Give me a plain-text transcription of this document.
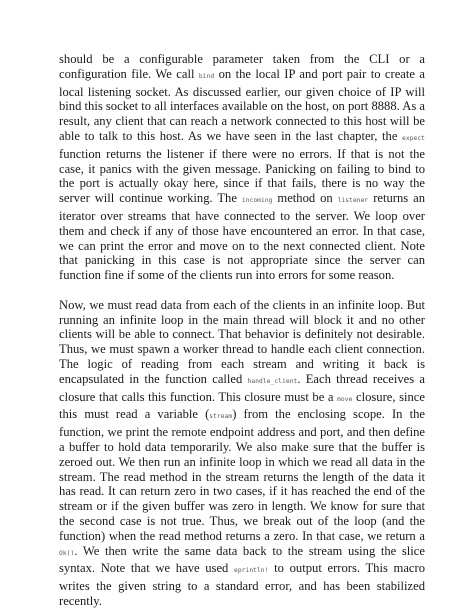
should be a configurable parameter taken from the CLI or a configuration file. We call bind on the local IP and port pair to create a local listening socket. As discussed earlier, our given choice of IP will bind this socket to all interfaces available on the host, on port 8888. As a result, any client that can reach a network connected to this host will be able to talk to this host. As we have seen in the last chapter, the expect function returns the listener if there were no errors. If that is not the case, it panics with the given message. Panicking on failing to bind to the port is actually okay here, since if that fails, there is no way the server will continue working. The incoming method on listener returns an iterator over streams that have connected to the server. We loop over them and check if any of those have encountered an error. In that case, we can print the error and move on to the next connected client. Note that panicking in this case is not appropriate since the server can function fine if some of the clients run into errors for some reason.

Now, we must read data from each of the clients in an infinite loop. But running an infinite loop in the main thread will block it and no other clients will be able to connect. That behavior is definitely not desirable. Thus, we must spawn a worker thread to handle each client connection. The logic of reading from each stream and writing it back is encapsulated in the function called handle_client. Each thread receives a closure that calls this function. This closure must be a move closure, since this must read a variable (stream) from the enclosing scope. In the function, we print the remote endpoint address and port, and then define a buffer to hold data temporarily. We also make sure that the buffer is zeroed out. We then run an infinite loop in which we read all data in the stream. The read method in the stream returns the length of the data it has read. It can return zero in two cases, if it has reached the end of the stream or if the given buffer was zero in length. We know for sure that the second case is not true. Thus, we break out of the loop (and the function) when the read method returns a zero. In that case, we return a Ok(). We then write the same data back to the stream using the slice syntax. Note that we have used eprintln! to output errors. This macro writes the given string to a standard error, and has been stabilized recently.
